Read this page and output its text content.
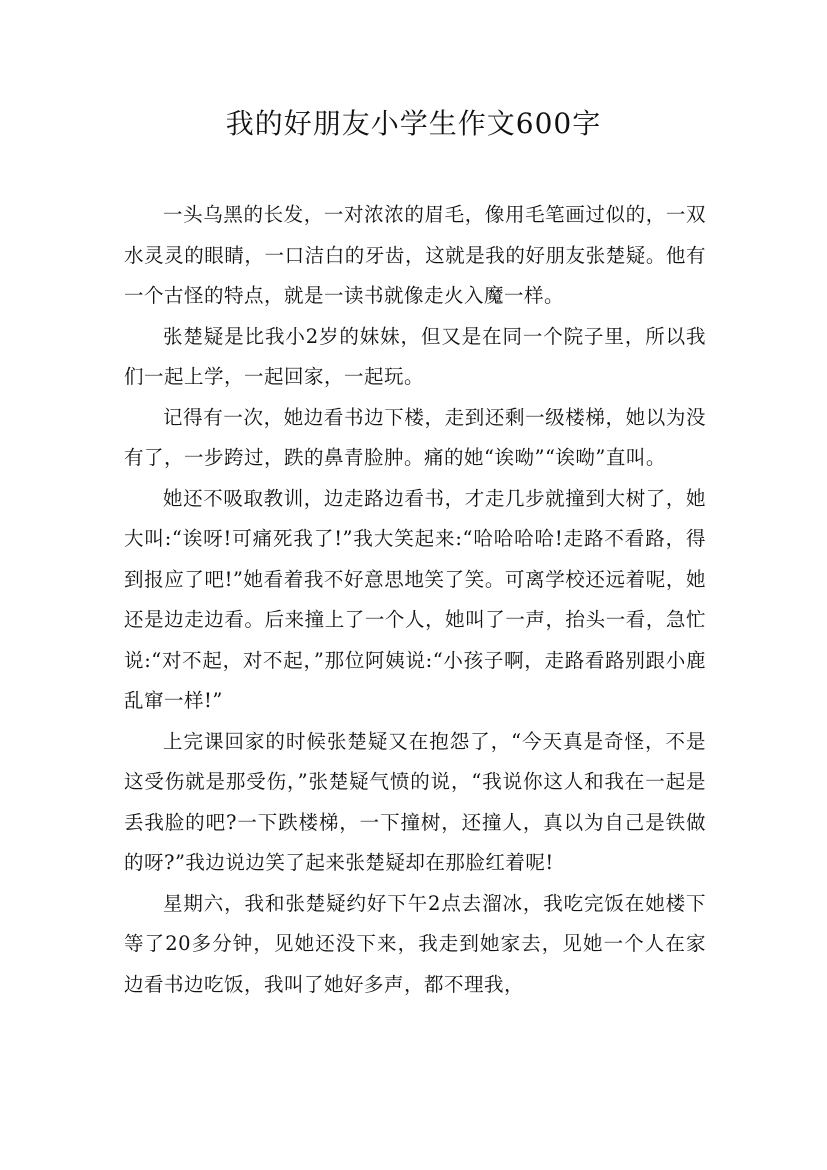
我的好朋友小学生作文600字

一头乌黑的长发，一对浓浓的眉毛，像用毛笔画过似的，一双水灵灵的眼睛，一口洁白的牙齿，这就是我的好朋友张楚疑。他有一个古怪的特点，就是一读书就像走火入魔一样。

张楚疑是比我小2岁的妹妹，但又是在同一个院子里，所以我们一起上学，一起回家，一起玩。

记得有一次，她边看书边下楼，走到还剩一级楼梯，她以为没有了，一步跨过，跌的鼻青脸肿。痛的她“诶呦”“诶呦”直叫。

她还不吸取教训，边走路边看书，才走几步就撞到大树了，她大叫:“诶呀!可痛死我了!”我大笑起来:“哈哈哈哈!走路不看路，得到报应了吧!”她看着我不好意思地笑了笑。可离学校还远着呢，她还是边走边看。后来撞上了一个人，她叫了一声，抬头一看，急忙说:“对不起，对不起，”那位阿姨说:“小孩子啊，走路看路别跟小鹿乱窜一样!”

上完课回家的时候张楚疑又在抱怨了，“今天真是奇怪，不是这受伤就是那受伤，”张楚疑气愤的说，“我说你这人和我在一起是丢我脸的吧?一下跌楼梯，一下撞树，还撞人，真以为自己是铁做的呀?”我边说边笑了起来张楚疑却在那脸红着呢!

星期六，我和张楚疑约好下午2点去溜冰，我吃完饭在她楼下等了20多分钟，见她还没下来，我走到她家去，见她一个人在家边看书边吃饭，我叫了她好多声，都不理我，
